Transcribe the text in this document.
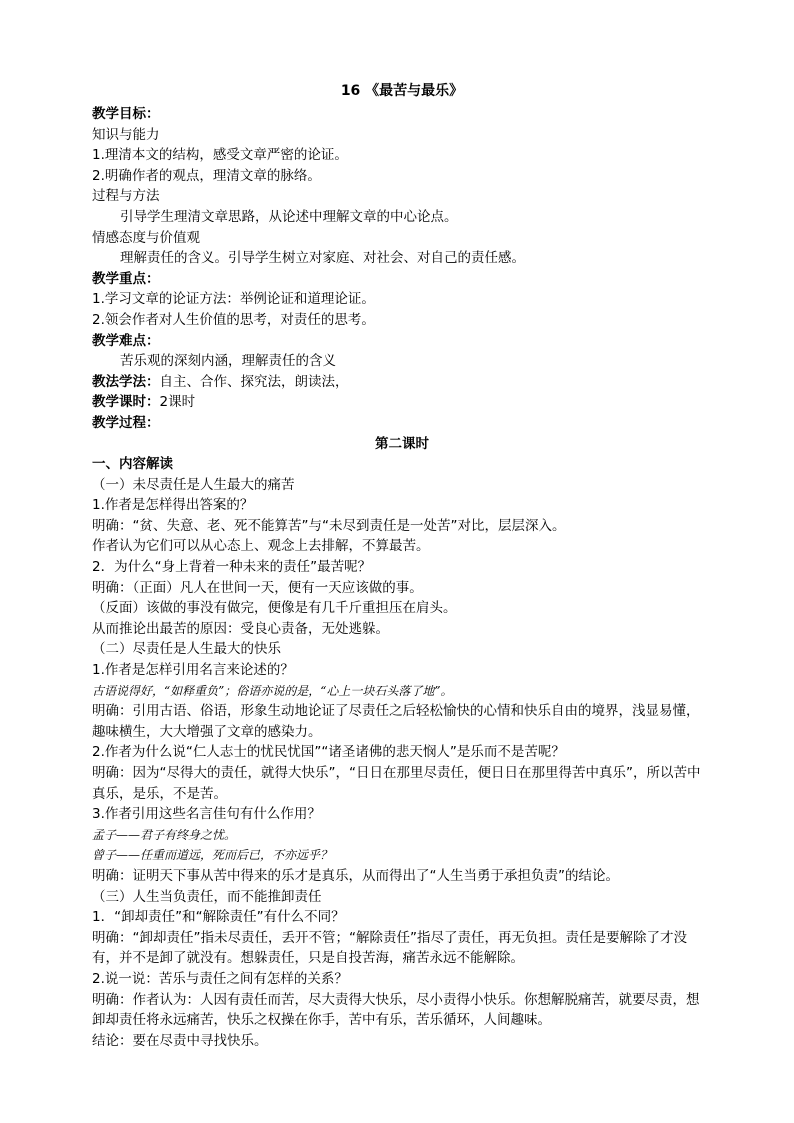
16 《最苦与最乐》
教学目标：
知识与能力
1.理清本文的结构，感受文章严密的论证。
2.明确作者的观点，理清文章的脉络。
过程与方法
引导学生理清文章思路，从论述中理解文章的中心论点。
情感态度与价值观
理解责任的含义。引导学生树立对家庭、对社会、对自己的责任感。
教学重点：
1.学习文章的论证方法：举例论证和道理论证。
2.领会作者对人生价值的思考，对责任的思考。
教学难点：
苦乐观的深刻内涵，理解责任的含义
教法学法：自主、合作、探究法，朗读法，
教学课时：2课时
教学过程：
第二课时
一、内容解读
（一）未尽责任是人生最大的痛苦
1.作者是怎样得出答案的？
明确：“贫、失意、老、死不能算苦”与“未尽到责任是一处苦”对比，层层深入。
作者认为它们可以从心态上、观念上去排解，不算最苦。
2．为什么“身上背着一种未来的责任”最苦呢？
明确：（正面）凡人在世间一天，便有一天应该做的事。
（反面）该做的事没有做完，便像是有几千斤重担压在肩头。
从而推论出最苦的原因：受良心责备，无处逃躲。
（二）尽责任是人生最大的快乐
1.作者是怎样引用名言来论述的？
古语说得好，“如释重负”；俗语亦说的是，“心上一块石头落了地”。
明确：引用古语、俗语，形象生动地论证了尽责任之后轻松愉快的心情和快乐自由的境界，浅显易懂，趣味横生，大大增强了文章的感染力。
2.作者为什么说“仁人志士的忧民忧国”“诸圣诸佛的悲天悯人”是乐而不是苦呢？
明确：因为“尽得大的责任，就得大快乐”，“日日在那里尽责任，便日日在那里得苦中真乐”，所以苦中真乐，是乐，不是苦。
3.作者引用这些名言佳句有什么作用？
孟子——君子有终身之忧。
曾子——任重而道远，死而后已，不亦远乎？
明确：证明天下事从苦中得来的乐才是真乐，从而得出了“人生当勇于承担负责”的结论。
（三）人生当负责任，而不能推卸责任
1．“卸却责任”和“解除责任”有什么不同？
明确：“卸却责任”指未尽责任，丢开不管；“解除责任”指尽了责任，再无负担。责任是要解除了才没有，并不是卸了就没有。想躲责任，只是自投苦海，痛苦永远不能解除。
2.说一说：苦乐与责任之间有怎样的关系？
明确：作者认为：人因有责任而苦，尽大责得大快乐，尽小责得小快乐。你想解脱痛苦，就要尽责，想卸却责任将永远痛苦，快乐之权操在你手，苦中有乐，苦乐循环，人间趣味。
结论：要在尽责中寻找快乐。
